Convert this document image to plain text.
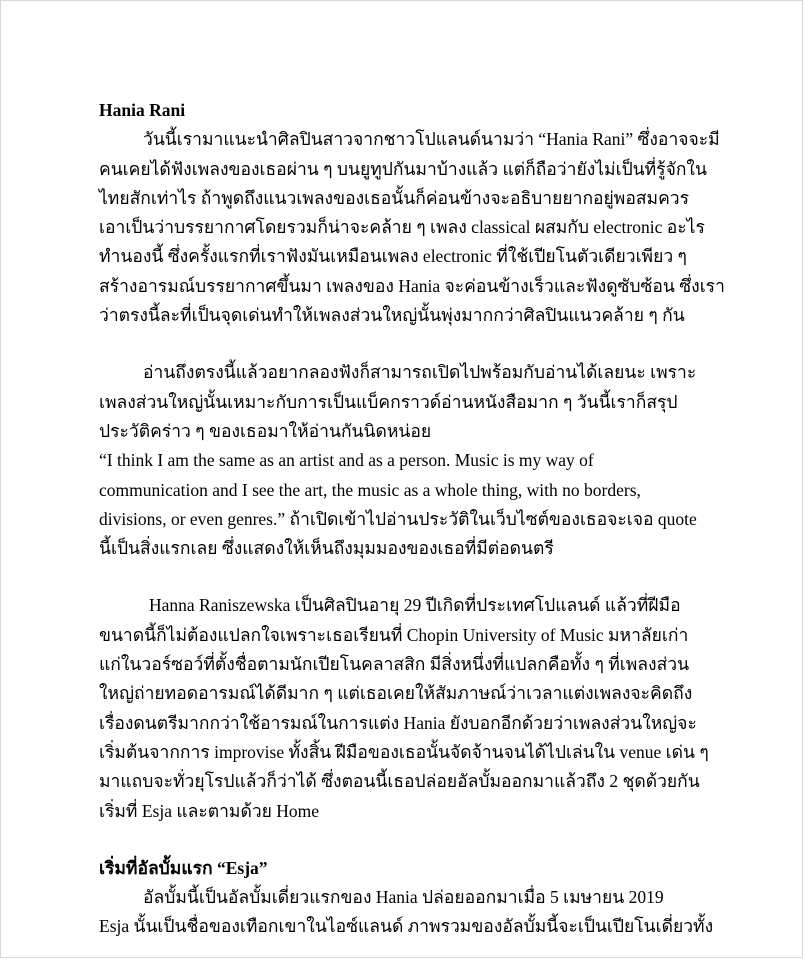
Hania Rani
วันนี้เรามาแนะนำศิลปินสาวจากชาวโปแลนด์นามว่า “Hania Rani” ซึ่งอาจจะมี
คนเคยได้ฟังเพลงของเธอผ่าน ๆ บนยูทูปกันมาบ้างแล้ว แต่ก็ถือว่ายังไม่เป็นที่รู้จักใน
ไทยสักเท่าไร ถ้าพูดถึงแนวเพลงของเธอนั้นก็ค่อนข้างจะอธิบายยากอยู่พอสมควร
เอาเป็นว่าบรรยากาศโดยรวมก็น่าจะคล้าย ๆ เพลง classical ผสมกับ electronic อะไร
ทำนองนี้ ซึ่งครั้งแรกที่เราฟังมันเหมือนเพลง electronic ที่ใช้เปียโนตัวเดียวเพียว ๆ
สร้างอารมณ์บรรยากาศขึ้นมา เพลงของ Hania จะค่อนข้างเร็วและฟังดูซับซ้อน ซึ่งเรา
ว่าตรงนี้ละที่เป็นจุดเด่นทำให้เพลงส่วนใหญ่นั้นพุ่งมากกว่าศิลปินแนวคล้าย ๆ กัน
อ่านถึงตรงนี้แล้วอยากลองฟังก็สามารถเปิดไปพร้อมกับอ่านได้เลยนะ เพราะ
เพลงส่วนใหญ่นั้นเหมาะกับการเป็นแบ็คกราวด์อ่านหนังสือมาก ๆ วันนี้เราก็สรุป
ประวัติคร่าว ๆ ของเธอมาให้อ่านกันนิดหน่อย
“I think I am the same as an artist and as a person. Music is my way of
communication and I see the art, the music as a whole thing, with no borders,
divisions, or even genres.” ถ้าเปิดเข้าไปอ่านประวัติในเว็บไซต์ของเธอจะเจอ quote
นี้เป็นสิ่งแรกเลย ซึ่งแสดงให้เห็นถึงมุมมองของเธอที่มีต่อดนตรี
Hanna Raniszewska เป็นศิลปินอายุ 29 ปีเกิดที่ประเทศโปแลนด์ แล้วที่ฝีมือ
ขนาดนี้ก็ไม่ต้องแปลกใจเพราะเธอเรียนที่ Chopin University of Music มหาลัยเก่า
แก่ในวอร์ซอว์ที่ตั้งชื่อตามนักเปียโนคลาสสิก มีสิ่งหนึ่งที่แปลกคือทั้ง ๆ ที่เพลงส่วน
ใหญ่ถ่ายทอดอารมณ์ได้ดีมาก ๆ แต่เธอเคยให้สัมภาษณ์ว่าเวลาแต่งเพลงจะคิดถึง
เรื่องดนตรีมากกว่าใช้อารมณ์ในการแต่ง Hania ยังบอกอีกด้วยว่าเพลงส่วนใหญ่จะ
เริ่มต้นจากการ improvise ทั้งสิ้น ฝีมือของเธอนั้นจัดจ้านจนได้ไปเล่นใน venue เด่น ๆ
มาแถบจะทั่วยุโรปแล้วก็ว่าได้ ซึ่งตอนนี้เธอปล่อยอัลบั้มออกมาแล้วถึง 2 ชุดด้วยกัน
เริ่มที่ Esja และตามด้วย Home
เริ่มที่อัลบั้มแรก “Esja”
อัลบั้มนี้เป็นอัลบั้มเดี่ยวแรกของ Hania ปล่อยออกมาเมื่อ 5 เมษายน 2019
Esja นั้นเป็นชื่อของเทือกเขาในไอซ์แลนด์ ภาพรวมของอัลบั้มนี้จะเป็นเปียโนเดี่ยวทั้ง
